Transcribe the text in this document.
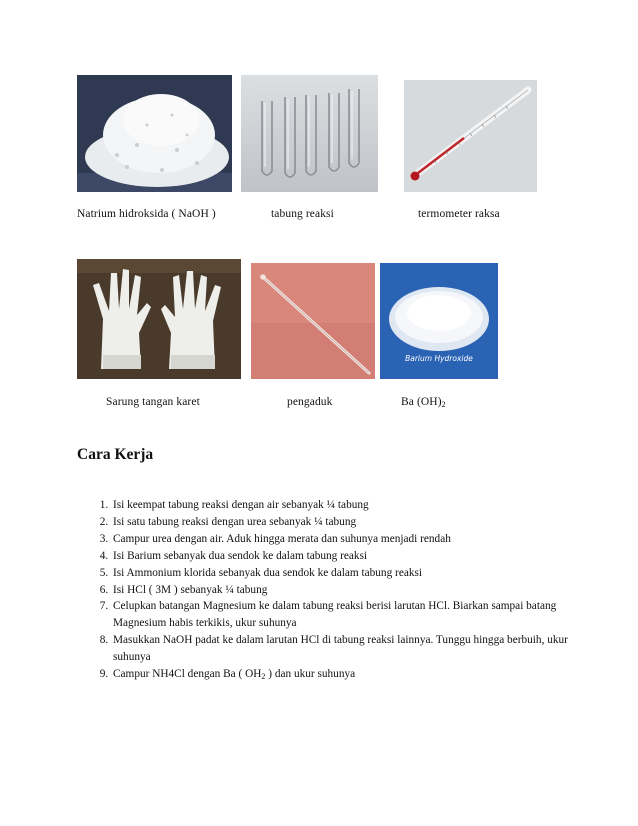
Natrium hidroksida ( NaOH )	tabung reaksi	termometer raksa
Barium Hydroxide
Sarung tangan karet	pengaduk	Ba $(OH)_2$
Cara Kerja
1. Isi keempat tabung reaksi dengan air sebanyak ¼ tabung
2. Isi satu tabung reaksi dengan urea sebanyak ¼ tabung
3. Campur urea dengan air. Aduk hingga merata dan suhunya menjadi rendah
4. Isi Barium sebanyak dua sendok ke dalam tabung reaksi
5. Isi Ammonium klorida sebanyak dua sendok ke dalam tabung reaksi
6. Isi HCl ( 3M ) sebanyak ¼ tabung
7. Celupkan batangan Magnesium ke dalam tabung reaksi berisi larutan HCl. Biarkan sampai batang Magnesium habis terkikis, ukur suhunya
8. Masukkan NaOH padat ke dalam larutan HCl di tabung reaksi lainnya. Tunggu hingga berbuih, ukur suhunya
9. Campur NH4Cl dengan Ba ( $OH_2$ ) dan ukur suhunya
